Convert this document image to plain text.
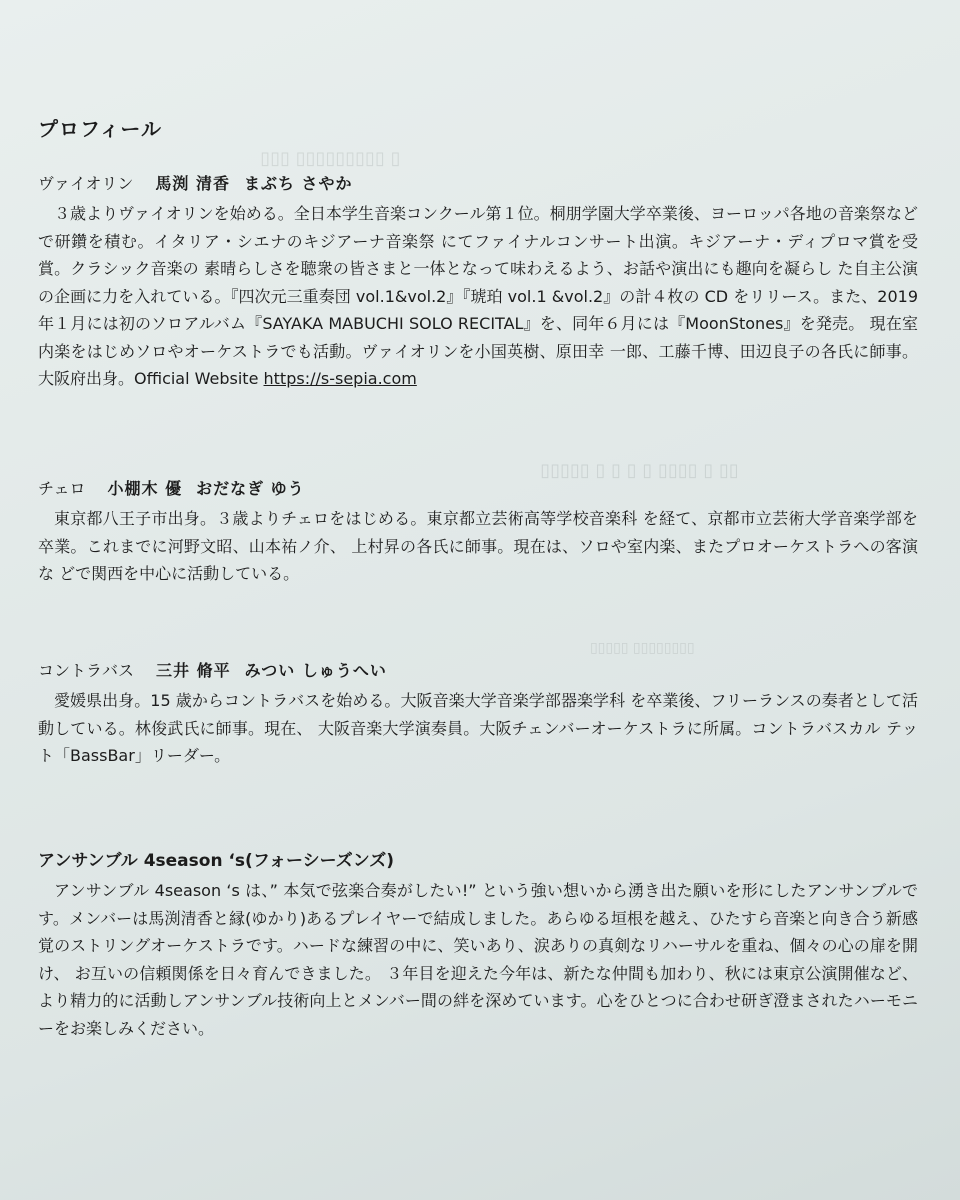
▯▯ ▯ ▯▯▯▯ ▯ ▯ ▯ ▯ ▯▯▯▯▯
▯ ▯▯▯▯▯▯▯▯▯ ▯▯▯
▯▯▯▯▯▯▯▯ ▯▯▯▯▯
プロフィール
ヴァイオリン 馬渕 清香 まぶち さやか
３歳よりヴァイオリンを始める。全日本学生音楽コンクール第１位。桐朋学園大学卒業後、ヨーロッパ各地の音楽祭などで研鑽を積む。イタリア・シエナのキジアーナ音楽祭 にてファイナルコンサート出演。キジアーナ・ディプロマ賞を受賞。クラシック音楽の 素晴らしさを聴衆の皆さまと一体となって味わえるよう、お話や演出にも趣向を凝らし た自主公演の企画に力を入れている。『四次元三重奏団 vol.1&vol.2』『琥珀 vol.1 &vol.2』の計４枚の CD をリリース。また、2019 年１月には初のソロアルバム『SAYAKA MABUCHI SOLO RECITAL』を、同年６月には『MoonStones』を発売。 現在室内楽をはじめソロやオーケストラでも活動。ヴァイオリンを小国英樹、原田幸 一郎、工藤千博、田辺良子の各氏に師事。大阪府出身。Official Website https://s-sepia.com
チェロ 小棚木 優 おだなぎ ゆう
東京都八王子市出身。３歳よりチェロをはじめる。東京都立芸術高等学校音楽科 を経て、京都市立芸術大学音楽学部を卒業。これまでに河野文昭、山本祐ノ介、 上村昇の各氏に師事。現在は、ソロや室内楽、またプロオーケストラへの客演な どで関西を中心に活動している。
コントラバス 三井 脩平 みつい しゅうへい
愛媛県出身。15 歳からコントラバスを始める。大阪音楽大学音楽学部器楽学科 を卒業後、フリーランスの奏者として活動している。林俊武氏に師事。現在、 大阪音楽大学演奏員。大阪チェンバーオーケストラに所属。コントラバスカル テット「BassBar」リーダー。
アンサンブル 4season ‘s(フォーシーズンズ)
アンサンブル 4season ‘s は、” 本気で弦楽合奏がしたい!” という強い想いから湧き出た願いを形にしたアンサンブルです。メンバーは馬渕清香と縁(ゆかり)あるプレイヤーで結成しました。あらゆる垣根を越え、ひたすら音楽と向き合う新感覚のストリングオーケストラです。ハードな練習の中に、笑いあり、涙ありの真剣なリハーサルを重ね、個々の心の扉を開け、 お互いの信頼関係を日々育んできました。 ３年目を迎えた今年は、新たな仲間も加わり、秋には東京公演開催など、より精力的に活動しアンサンブル技術向上とメンバー間の絆を深めています。心をひとつに合わせ研ぎ澄まされたハーモニーをお楽しみください。
